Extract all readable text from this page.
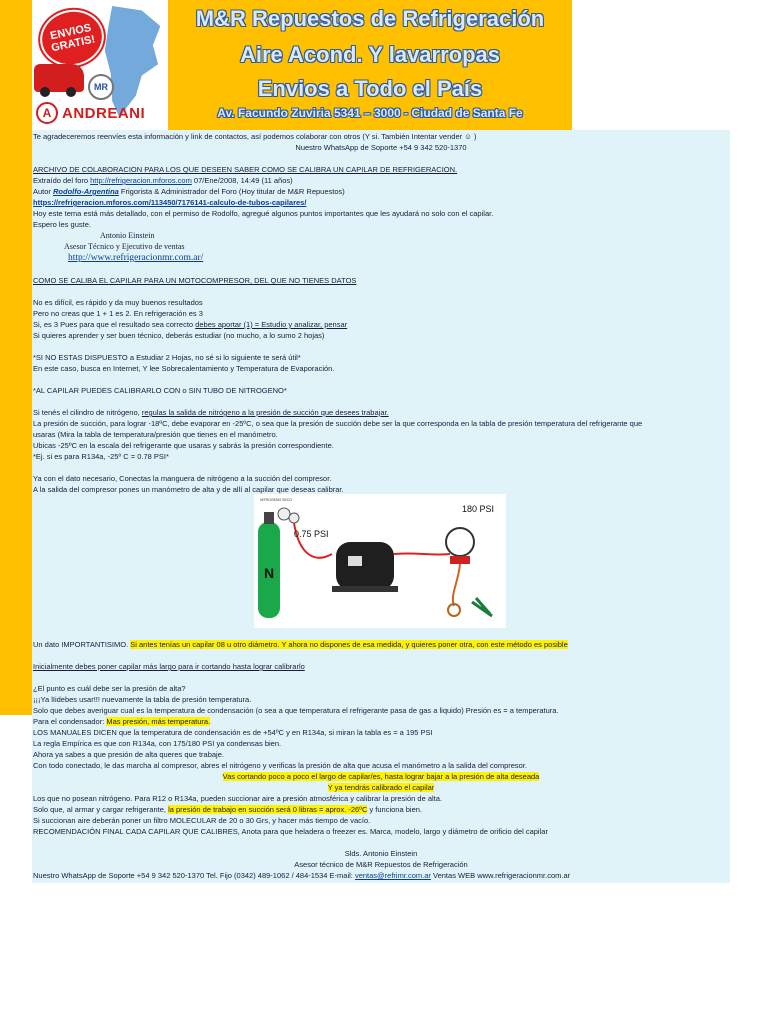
ENVIOS GRATIS!
MR
A ANDREANI
M&R Repuestos de Refrigeración
Aire Acond. Y lavarropas
Envios a Todo el País
Av. Facundo Zuviria 5341 – 3000 - Ciudad de Santa Fe
Te agradeceremos reenvíes esta información y link de contactos, así podemos colaborar con otros (Y si. También Intentar vender ☺ )
Nuestro WhatsApp de Soporte +54 9 342 520-1370
ARCHIVO DE COLABORACION PARA LOS QUE DESEEN SABER COMO SE CALIBRA UN CAPILAR DE REFRIGERACION.
Extraído del foro http://refrigeracion.mforos.com 07/Ene/2008, 14:49 (11 años)
Autor Rodolfo-Argentina Frigorista & Administrador del Foro (Hoy titular de M&R Repuestos)
https://refrigeracion.mforos.com/113450/7176141-calculo-de-tubos-capilares/
Hoy este tema está más detallado, con el permiso de Rodolfo, agregué algunos puntos importantes que les ayudará no solo con el capilar.
Espero les guste.
Antonio Einstein
Asesor Técnico y Ejecutivo de ventas
http://www.refrigeracionmr.com.ar/
COMO SE CALIBA EL CAPILAR PARA UN MOTOCOMPRESOR, DEL QUE NO TIENES DATOS
No es difícil, es rápido y da muy buenos resultados
Pero no creas que 1 + 1 es 2. En refrigeración es 3
Si, es 3 Pues para que el resultado sea correcto debes aportar (1) = Estudio y analizar, pensar
Si quieres aprender y ser buen técnico, deberás estudiar (no mucho, a lo sumo 2 hojas)
*SI NO ESTAS DISPUESTO a Estudiar 2 Hojas, no sé si lo siguiente te será útil*
En este caso, busca en Internet, Y lee Sobrecalentamiento y Temperatura de Evaporación.
*AL CAPILAR PUEDES CALIBRARLO CON o SIN TUBO DE NITROGENO*
Si tenés el cilindro de nitrógeno, regulas la salida de nitrógeno a la presión de succión que desees trabajar.
La presión de succión, para lograr -18ºC, debe evaporar en -25ºC, o sea que la presión de succión debe ser la que corresponda en la tabla de presión temperatura del refrigerante que
usaras (Mira la tabla de temperatura/presión que tienes en el manómetro.
Ubicas -25ºC en la escala del refrigerante que usaras y sabrás la presión correspondiente.
*Ej. si es para R134a, -25º C = 0.78 PSI*
Ya con el dato necesario, Conectas la manguera de nitrógeno a la succión del compresor.
A la salida del compresor pones un manómetro de alta y de allí al capilar que deseas calibrar.
N
NITROGENO SECO
0.75 PSI
180 PSI
Un dato IMPORTANTISIMO. Si antes tenías un capilar 08 u otro diámetro. Y ahora no dispones de esa medida, y quieres poner otra, con este método es posible
Inicialmente debes poner capilar más largo para ir cortando hasta lograr calibrarlo
¿El punto es cuál debe ser la presión de alta?
¡¡¡Ya lIidebes usar!!! nuevamente la tabla de presión temperatura.
Solo que debes averiguar cual es la temperatura de condensación (o sea a que temperatura el refrigerante pasa de gas a liquido) Presión es = a temperatura.
Para el condensador: Mas presión, más temperatura.
LOS MANUALES DICEN que la temperatura de condensación es de +54ºC y en R134a, si miran la tabla es = a 195 PSI
La regla Empírica es que con R134a, con 175/180 PSI ya condensas bien.
Ahora ya sabes a que presión de alta queres que trabaje.
Con todo conectado, le das marcha al compresor, abres el nitrógeno y verificas la presión de alta que acusa el manómetro a la salida del compresor.
Vas cortando poco a poco el largo de capilar/es, hasta lograr bajar a la presión de alta deseada
Y ya tendrás calibrado el capilar
Los que no posean nitrógeno. Para R12 o R134a, pueden succionar aire a presión atmosférica y calibrar la presión de alta.
Solo que, al armar y cargar refrigerante, la presión de trabajo en succión será 0 libras = aprox. -26ºC y funciona bien.
Si succionan aire deberán poner un filtro MOLECULAR de 20 o 30 Grs, y hacer más tiempo de vacío.
RECOMENDACIÓN FINAL CADA CAPILAR QUE CALIBRES, Anota para que heladera o freezer es. Marca, modelo, largo y diámetro de orificio del capilar
Slds. Antonio Einstein
Asesor técnico de M&R Repuestos de Refrigeración
Nuestro WhatsApp de Soporte +54 9 342 520-1370 Tel. Fijo (0342) 489-1062 / 484-1534 E-mail: ventas@refrimr.com.ar Ventas WEB www.refrigeracionmr.com.ar
